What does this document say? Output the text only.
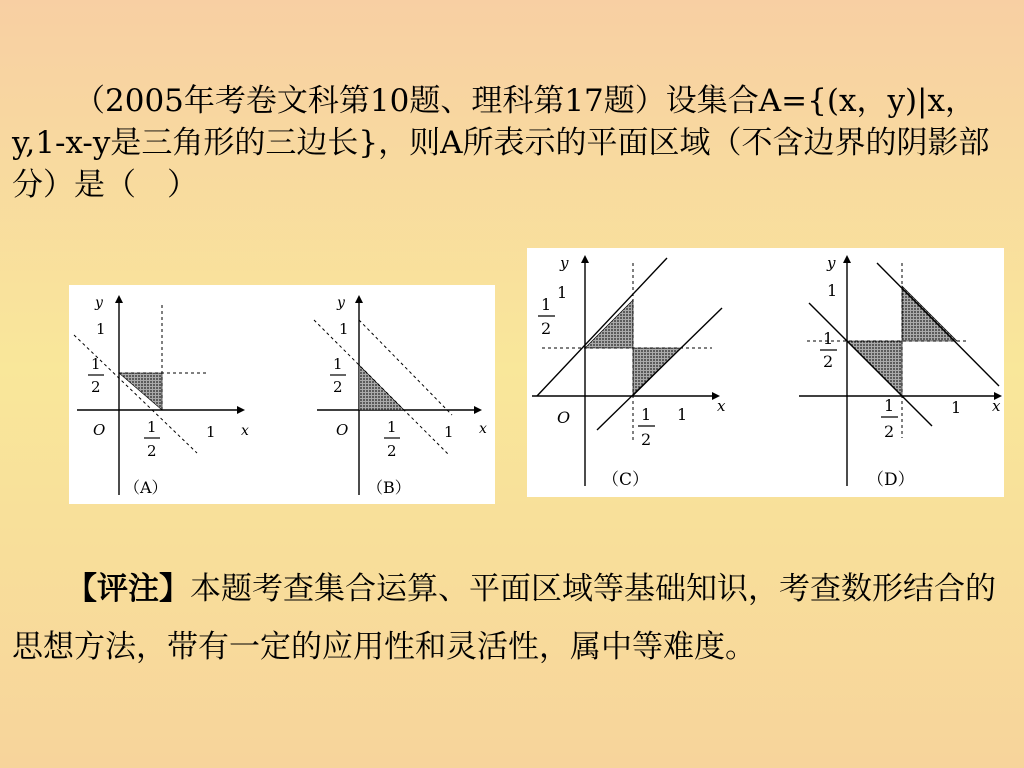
（2005年考卷文科第10题、理科第17题）设集合A={(x，y)|x，y,1-x-y是三角形的三边长}，则A所表示的平面区域（不含边界的阴影部分）是（　）

y
x
O
1
1
1
2
1
2
（A）
y
x
O
1
1
1
2
1
2
（B）
y
x
O
1
1
1
2
1
2
（C）
y
x
1
1
1
2
1
2
（D）
【评注】本题考查集合运算、平面区域等基础知识，考查数形结合的思想方法，带有一定的应用性和灵活性，属中等难度。
